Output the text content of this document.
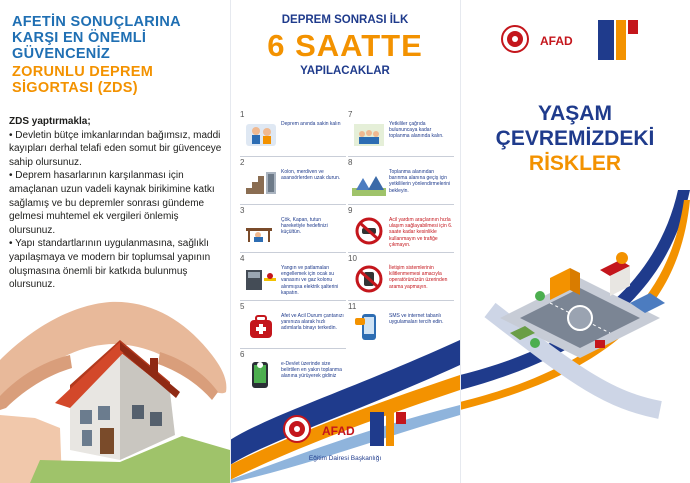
AFETİN SONUÇLARINA KARŞI EN ÖNEMLİ GÜVENCENİZ
ZORUNLU DEPREM SİGORTASI (ZDS)

ZDS yaptırmakla;

• Devletin bütçe imkanlarından bağımsız, maddi kayıpları derhal telafi eden somut bir güvenceye sahip olursunuz.

• Deprem hasarlarının karşılanması için amaçlanan uzun vadeli kaynak birikimine katkı sağlamış ve bu depremler sonrası gündeme gelmesi muhtemel ek vergileri önlemiş olursunuz.

• Yapı standartlarının uygulanmasına, sağlıklı yapılaşmaya ve modern bir toplumsal yapının oluşmasına önemli bir katkıda bulunmuş olursunuz.

DEPREM SONRASI İLK
6 SAATTE
YAPILACAKLAR
1
Deprem anında sakin kalın
2
Kolon, merdiven ve asansörlerden uzak durun.
3
Çök, Kapan, tutun hareketiyle hedefinizi küçültün.
4
Yangın ve patlamaları engellemek için ocak su vanasını ve gaz kolonu alınmışsa elektrik şalterini kapatın.
5
Afet ve Acil Durum çantanızı yanınıza alarak hızlı adımlarla binayı terkedin.
6
e-Devlet üzerinde size belirtilen en yakın toplanma alanına yürüyerek gidiniz
7
Yetkililer çağrıda bulununcaya kadar toplanma alanında kalın.
8
Toplanma alanından barınma alanına geçiş için yetkililerin yönlendirmelerini bekleyin.
9
Acil yardım araçlarının hızla ulaşım sağlayabilmesi için 6. saate kadar kesinlikle kullanmayın ve trafiğe çıkmayın.
10
İletişim sistemlerinin kilitlenmemesi amacıyla operatörünüzün üzerinden arama yapmayın.
11
SMS ve internet tabanlı uygulamaları tercih edin.
AFAD
Eğitim Dairesi Başkanlığı
AFAD
YAŞAM
ÇEVREMİZDEKİ
RİSKLER
